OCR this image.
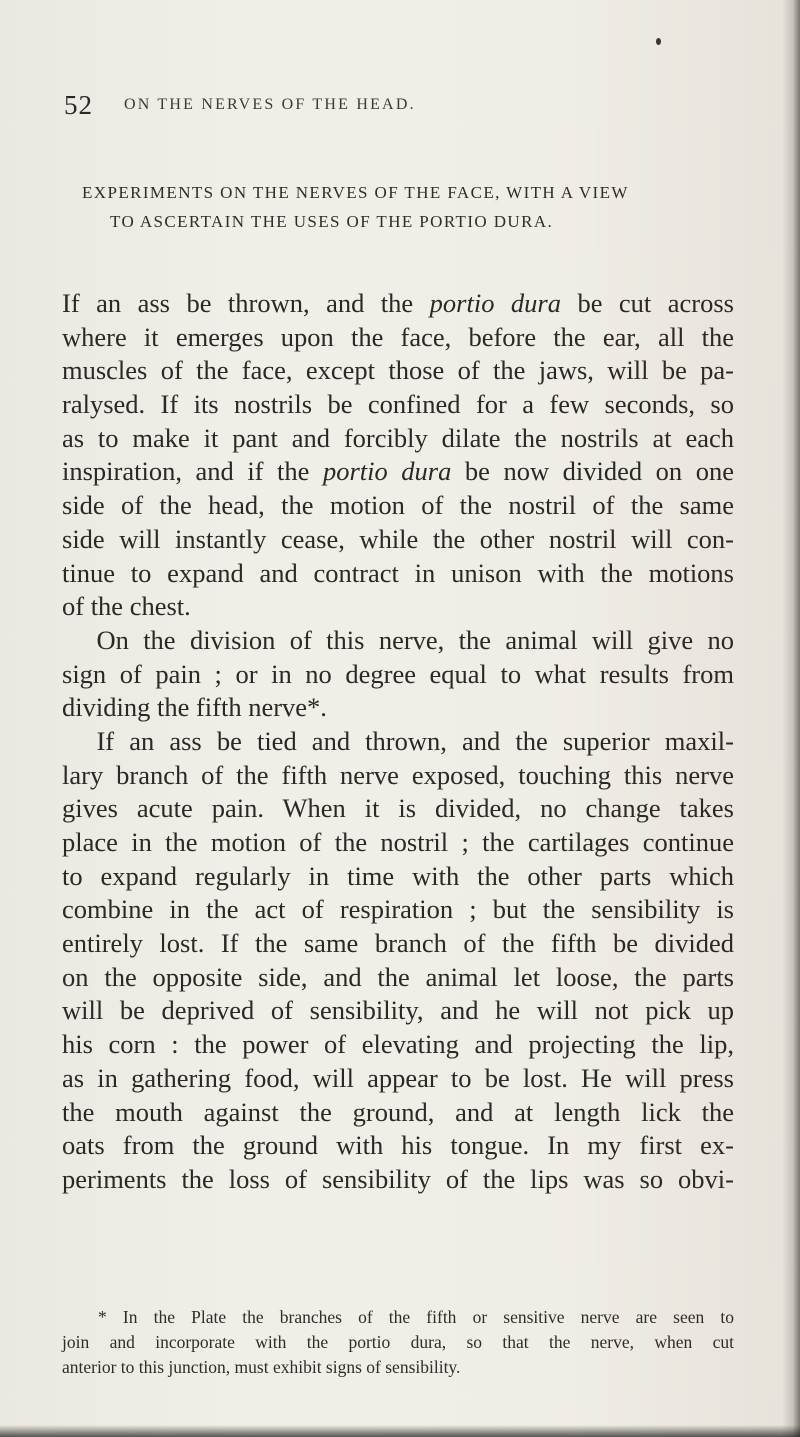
52 ON THE NERVES OF THE HEAD.
EXPERIMENTS ON THE NERVES OF THE FACE, WITH A VIEW
TO ASCERTAIN THE USES OF THE PORTIO DURA.
If an ass be thrown, and the portio dura be cut across
where it emerges upon the face, before the ear, all the
muscles of the face, except those of the jaws, will be pa-
ralysed. If its nostrils be confined for a few seconds, so
as to make it pant and forcibly dilate the nostrils at each
inspiration, and if the portio dura be now divided on one
side of the head, the motion of the nostril of the same
side will instantly cease, while the other nostril will con-
tinue to expand and contract in unison with the motions
of the chest.
On the division of this nerve, the animal will give no
sign of pain ; or in no degree equal to what results from
dividing the fifth nerve*.
If an ass be tied and thrown, and the superior maxil-
lary branch of the fifth nerve exposed, touching this nerve
gives acute pain. When it is divided, no change takes
place in the motion of the nostril ; the cartilages continue
to expand regularly in time with the other parts which
combine in the act of respiration ; but the sensibility is
entirely lost. If the same branch of the fifth be divided
on the opposite side, and the animal let loose, the parts
will be deprived of sensibility, and he will not pick up
his corn : the power of elevating and projecting the lip,
as in gathering food, will appear to be lost. He will press
the mouth against the ground, and at length lick the
oats from the ground with his tongue. In my first ex-
periments the loss of sensibility of the lips was so obvi-
* In the Plate the branches of the fifth or sensitive nerve are seen to
join and incorporate with the portio dura, so that the nerve, when cut
anterior to this junction, must exhibit signs of sensibility.
